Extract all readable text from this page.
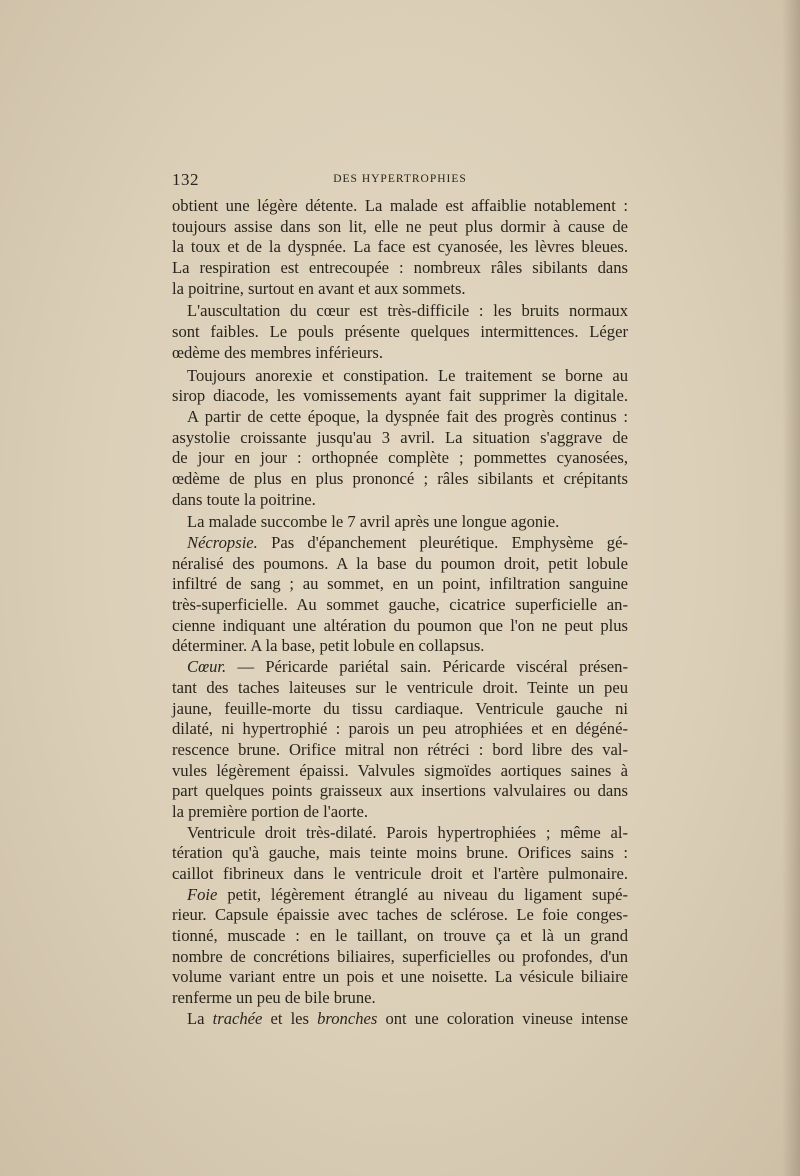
132	DES HYPERTROPHIES
obtient une légère détente. La malade est affaiblie notablement :
toujours assise dans son lit, elle ne peut plus dormir à cause de
la toux et de la dyspnée. La face est cyanosée, les lèvres bleues.
La respiration est entrecoupée : nombreux râles sibilants dans
la poitrine, surtout en avant et aux sommets.
L'auscultation du cœur est très-difficile : les bruits normaux
sont faibles. Le pouls présente quelques intermittences. Léger
œdème des membres inférieurs.
Toujours anorexie et constipation. Le traitement se borne au
sirop diacode, les vomissements ayant fait supprimer la digitale.
A partir de cette époque, la dyspnée fait des progrès continus :
asystolie croissante jusqu'au 3 avril. La situation s'aggrave de
de jour en jour : orthopnée complète ; pommettes cyanosées,
œdème de plus en plus prononcé ; râles sibilants et crépitants
dans toute la poitrine.
La malade succombe le 7 avril après une longue agonie.
Nécropsie. Pas d'épanchement pleurétique. Emphysème gé-
néralisé des poumons. A la base du poumon droit, petit lobule
infiltré de sang ; au sommet, en un point, infiltration sanguine
très-superficielle. Au sommet gauche, cicatrice superficielle an-
cienne indiquant une altération du poumon que l'on ne peut plus
déterminer. A la base, petit lobule en collapsus.
Cœur. — Péricarde pariétal sain. Péricarde viscéral présen-
tant des taches laiteuses sur le ventricule droit. Teinte un peu
jaune, feuille-morte du tissu cardiaque. Ventricule gauche ni
dilaté, ni hypertrophié : parois un peu atrophiées et en dégéné-
rescence brune. Orifice mitral non rétréci : bord libre des val-
vules légèrement épaissi. Valvules sigmoïdes aortiques saines à
part quelques points graisseux aux insertions valvulaires ou dans
la première portion de l'aorte.
Ventricule droit très-dilaté. Parois hypertrophiées ; même al-
tération qu'à gauche, mais teinte moins brune. Orifices sains :
caillot fibrineux dans le ventricule droit et l'artère pulmonaire.
Foie petit, légèrement étranglé au niveau du ligament supé-
rieur. Capsule épaissie avec taches de sclérose. Le foie conges-
tionné, muscade : en le taillant, on trouve ça et là un grand
nombre de concrétions biliaires, superficielles ou profondes, d'un
volume variant entre un pois et une noisette. La vésicule biliaire
renferme un peu de bile brune.
La trachée et les bronches ont une coloration vineuse intense
